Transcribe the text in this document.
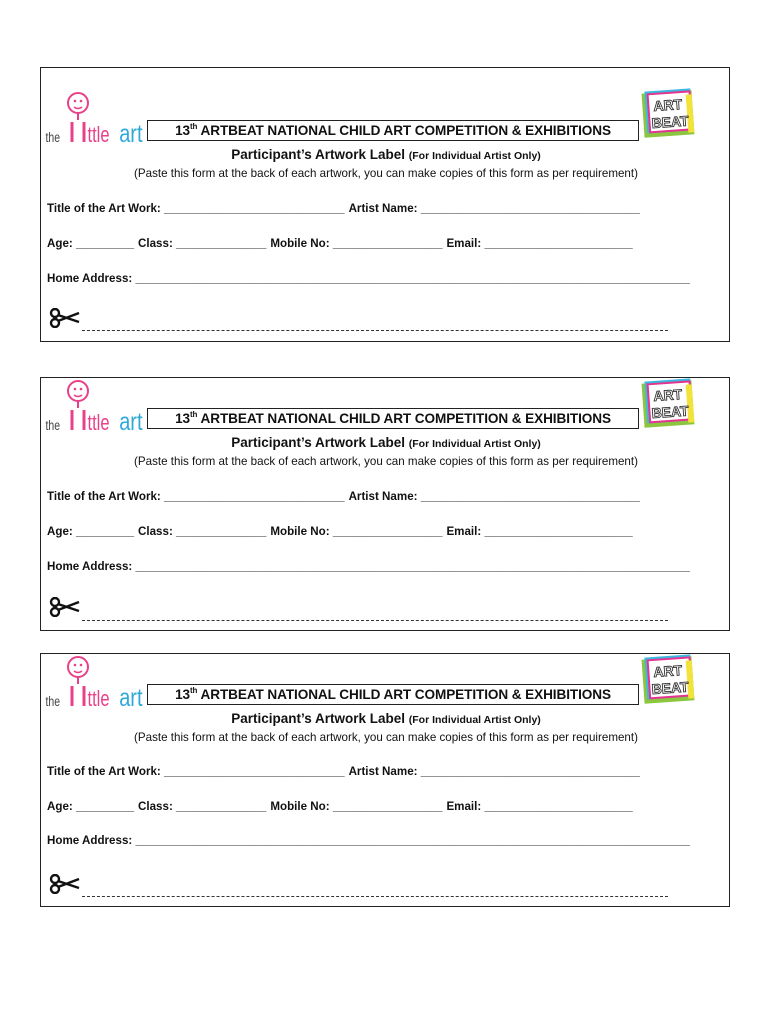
the ttle art
ART
BEAT
13th ARTBEAT NATIONAL CHILD ART COMPETITION & EXHIBITIONS
Participant’s Artwork Label (For Individual Artist Only)
(Paste this form at the back of each artwork, you can make copies of this form as per requirement)
Title of the Art Work: ____________________________ Artist Name: __________________________________
Age: _________ Class: ______________ Mobile No: _________________ Email: _______________________
Home Address: ______________________________________________________________________________________
the ttle art
ART
BEAT
13th ARTBEAT NATIONAL CHILD ART COMPETITION & EXHIBITIONS
Participant’s Artwork Label (For Individual Artist Only)
(Paste this form at the back of each artwork, you can make copies of this form as per requirement)
Title of the Art Work: ____________________________ Artist Name: __________________________________
Age: _________ Class: ______________ Mobile No: _________________ Email: _______________________
Home Address: ______________________________________________________________________________________
the ttle art
ART
BEAT
13th ARTBEAT NATIONAL CHILD ART COMPETITION & EXHIBITIONS
Participant’s Artwork Label (For Individual Artist Only)
(Paste this form at the back of each artwork, you can make copies of this form as per requirement)
Title of the Art Work: ____________________________ Artist Name: __________________________________
Age: _________ Class: ______________ Mobile No: _________________ Email: _______________________
Home Address: ______________________________________________________________________________________
